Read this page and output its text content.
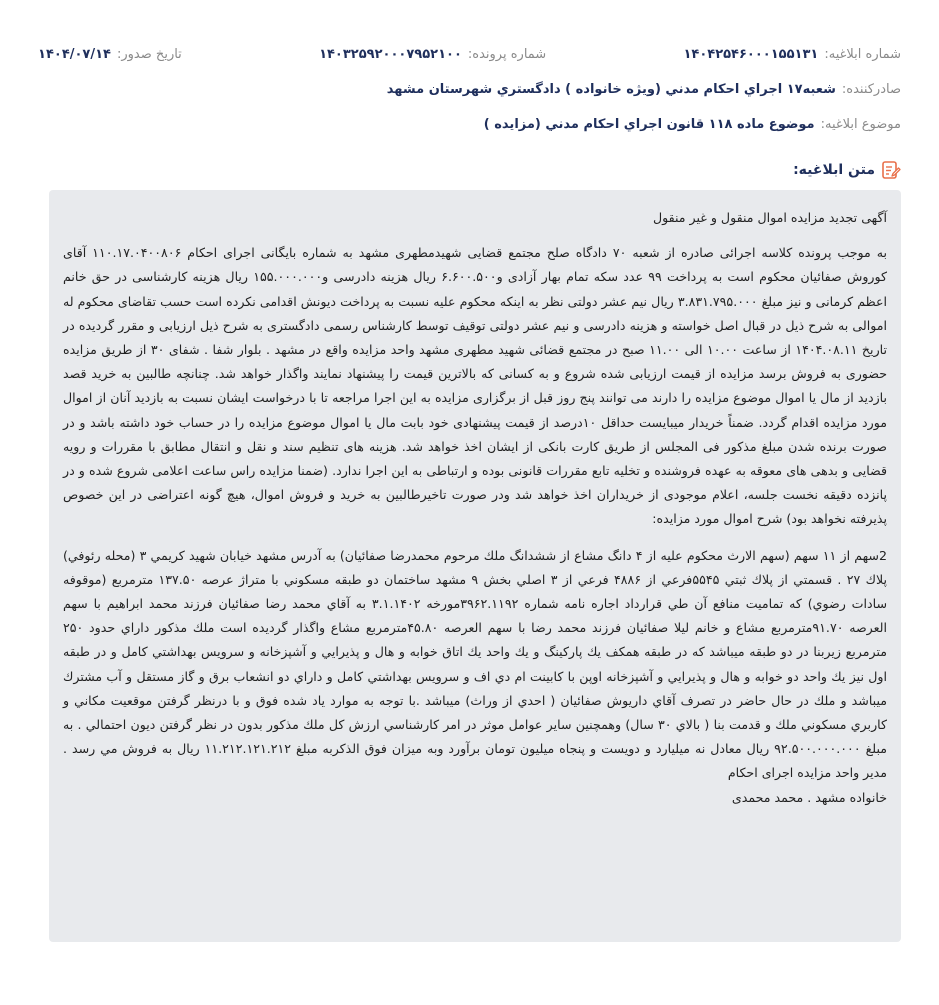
شماره ابلاغیه:
۱۴۰۴۲۵۴۶۰۰۰۱۵۵۱۳۱
شماره پرونده:
۱۴۰۳۲۵۹۲۰۰۰۷۹۵۲۱۰۰
تاریخ صدور:
۱۴۰۴/۰۷/۱۴
صادرکننده:
شعبه۱۷ اجراي احكام مدني (ويژه خانواده ) دادگستري شهرستان مشهد
موضوع ابلاغیه:
موضوع ماده ۱۱۸ قانون اجراي احكام مدني (مزايده )
متن ابلاغیه:

آگهی تجدید مزایده اموال منقول و غیر منقول

به موجب پرونده کلاسه اجرائی صادره از شعبه ۷۰ دادگاه صلح مجتمع قضایی شهیدمطهری مشهد به شماره بایگانی اجرای احکام ۱۱۰.۱۷.۰۴۰۰۸۰۶ آقای کوروش صفائیان محکوم است به پرداخت ۹۹ عدد سکه تمام بهار آزادی و۶.۶۰۰.۵۰۰ ریال هزینه دادرسی و۱۵۵.۰۰۰.۰۰۰ ریال هزینه کارشناسی در حق خانم اعظم کرمانی و نیز مبلغ ۳.۸۳۱.۷۹۵.۰۰۰ ریال نیم عشر دولتی نظر به اینکه محکوم علیه نسبت به پرداخت دیونش اقدامی نکرده است حسب تقاضای محکوم له اموالی به شرح ذیل در قبال اصل خواسته و هزینه دادرسی و نیم عشر دولتی توقیف توسط کارشناس رسمی دادگستری به شرح ذیل ارزیابی و مقرر گردیده در تاریخ ۱۴۰۴.۰۸.۱۱ از ساعت ۱۰.۰۰ الی ۱۱.۰۰ صبح در مجتمع قضائی شهید مطهری مشهد واحد مزایده واقع در مشهد . بلوار شفا . شفای ۳۰ از طریق مزایده حضوری به فروش برسد مزایده از قیمت ارزیابی شده شروع و به کسانی که بالاترین قیمت را پیشنهاد نمایند واگذار خواهد شد. چنانچه طالبین به خرید قصد بازدید از مال یا اموال موضوع مزایده را دارند می توانند پنج روز قبل از برگزاری مزایده به این اجرا مراجعه تا با درخواست ایشان نسبت به بازدید آنان از اموال مورد مزایده اقدام گردد. ضمناً خریدار میبایست حداقل ۱۰درصد از قیمت پیشنهادی خود بابت مال یا اموال موضوع مزایده را در حساب خود داشته باشد و در صورت برنده شدن مبلغ مذکور فی المجلس از طریق کارت بانکی از ایشان اخذ خواهد شد. هزینه های تنظیم سند و نقل و انتقال مطابق با مقررات و رویه قضایی و بدهی های معوقه به عهده فروشنده و تخلیه تابع مقررات قانونی بوده و ارتباطی به این اجرا ندارد. (ضمنا مزایده راس ساعت اعلامی شروع شده و در پانزده دقیقه نخست جلسه، اعلام موجودی از خریداران اخذ خواهد شد ودر صورت تاخیرطالبین به خرید و فروش اموال، هیچ گونه اعتراضی در این خصوص پذیرفته نخواهد بود) شرح اموال مورد مزایده:

2سهم از ۱۱ سهم (سهم الارث محکوم علیه از ۴ دانگ مشاع از ششدانگ ملك مرحوم محمدرضا صفائيان) به آدرس مشهد خيابان شهيد كريمي ۳ (محله رئوفي) پلاك ۲۷ . قسمتي از پلاك ثبتي ۵۵۴۵فرعي از ۴۸۸۶ فرعي از ۳ اصلي بخش ۹ مشهد ساختمان دو طبقه مسكوني با متراژ عرصه ۱۳۷.۵۰ مترمربع (موقوفه سادات رضوي) كه تماميت منافع آن طي قرارداد اجاره نامه شماره ۳۹۶۲.۱۱۹۲مورخه ۳.۱.۱۴۰۲ به آقاي محمد رضا صفائيان فرزند محمد ابراهيم با سهم العرصه ۹۱.۷۰مترمربع مشاع و خانم ليلا صفائيان فرزند محمد رضا با سهم العرصه ۴۵.۸۰مترمربع مشاع واگذار گرديده است ملك مذكور داراي حدود ۲۵۰ مترمربع زيربنا در دو طبقه ميباشد كه در طبقه همكف يك پاركينگ و يك واحد يك اتاق خوابه و هال و پذيرايي و آشپزخانه و سرويس بهداشتي كامل و در طبقه اول نيز يك واحد دو خوابه و هال و پذيرايي و آشپزخانه اوپن با كابينت ام دي اف و سرويس بهداشتي كامل و داراي دو انشعاب برق و گاز مستقل و آب مشترك ميباشد و ملك در حال حاضر در تصرف آقاي داريوش صفائيان ( احدي از وراث) ميباشد .با توجه به موارد ياد شده فوق و با درنظر گرفتن موقعيت مكاني و كاربري مسكوني ملك و قدمت بنا ( بالاي ۳۰ سال) وهمچنين ساير عوامل موثر در امر كارشناسي ارزش كل ملك مذكور بدون در نظر گرفتن ديون احتمالي . به مبلغ ۹۲.۵۰۰.۰۰۰.۰۰۰ ريال معادل نه ميليارد و دويست و پنجاه ميليون تومان برآورد وبه ميزان فوق الذكربه مبلغ ۱۱.۲۱۲.۱۲۱.۲۱۲ ريال به فروش مي رسد . مدير واحد مزايده اجرای احکام

خانواده مشهد . محمد محمدی
